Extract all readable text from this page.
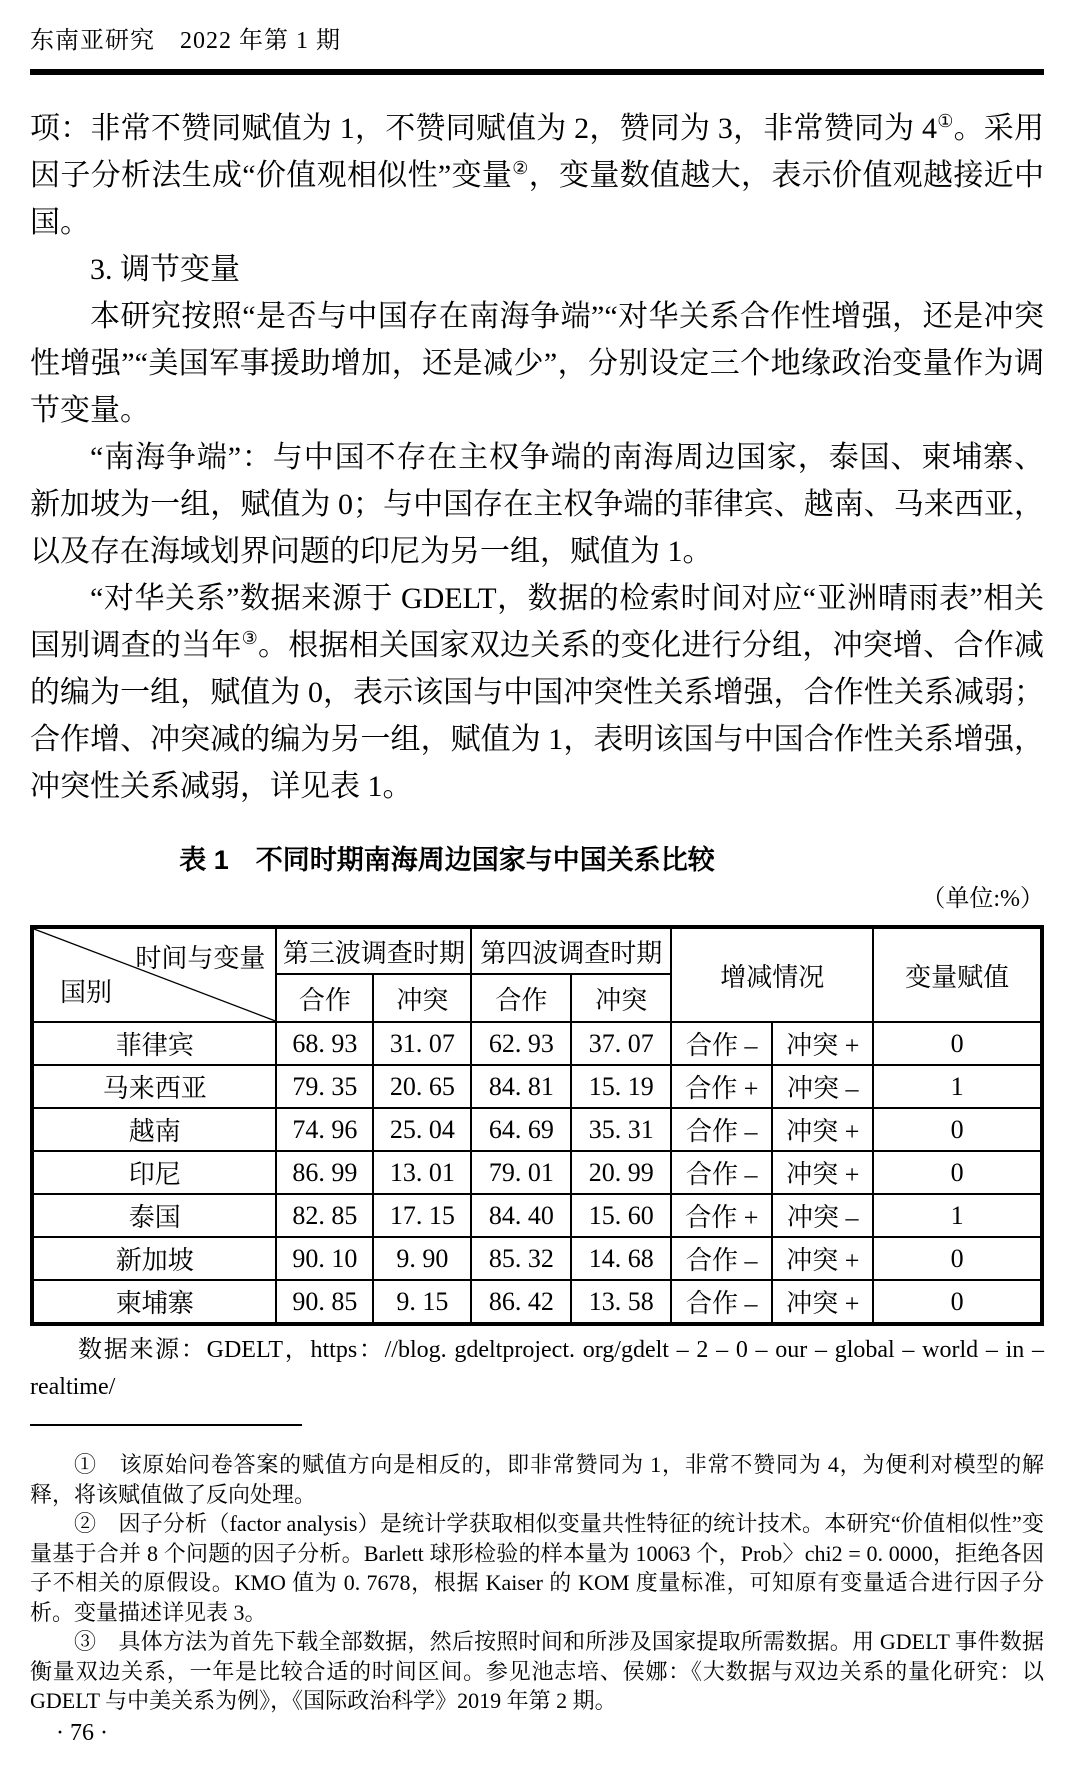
东南亚研究　2022 年第 1 期

项：非常不赞同赋值为 1，不赞同赋值为 2，赞同为 3，非常赞同为 4①。采用因子分析法生成“价值观相似性”变量②，变量数值越大，表示价值观越接近中国。

3. 调节变量

本研究按照“是否与中国存在南海争端”“对华关系合作性增强，还是冲突性增强”“美国军事援助增加，还是减少”，分别设定三个地缘政治变量作为调节变量。

“南海争端”：与中国不存在主权争端的南海周边国家，泰国、柬埔寨、新加坡为一组，赋值为 0；与中国存在主权争端的菲律宾、越南、马来西亚，以及存在海域划界问题的印尼为另一组，赋值为 1。

“对华关系”数据来源于 GDELT，数据的检索时间对应“亚洲晴雨表”相关国别调查的当年③。根据相关国家双边关系的变化进行分组，冲突增、合作减的编为一组，赋值为 0，表示该国与中国冲突性关系增强，合作性关系减弱；合作增、冲突减的编为另一组，赋值为 1，表明该国与中国合作性关系增强，冲突性关系减弱，详见表 1。

表 1　不同时期南海周边国家与中国关系比较
（单位:%）
时间与变量
国别	第三波调查时期		第四波调查时期		增减情况		变量赋值
	合作	冲突	合作	冲突			
菲律宾	68. 93	31. 07	62. 93	37. 07	合作 –	冲突 +	0
马来西亚	79. 35	20. 65	84. 81	15. 19	合作 +	冲突 –	1
越南	74. 96	25. 04	64. 69	35. 31	合作 –	冲突 +	0
印尼	86. 99	13. 01	79. 01	20. 99	合作 –	冲突 +	0
泰国	82. 85	17. 15	84. 40	15. 60	合作 +	冲突 –	1
新加坡	90. 10	9. 90	85. 32	14. 68	合作 –	冲突 +	0
柬埔寨	90. 85	9. 15	86. 42	13. 58	合作 –	冲突 +	0

数据来源：GDELT，https：//blog. gdeltproject. org/gdelt – 2 – 0 – our – global – world – in – realtime/

①　该原始问卷答案的赋值方向是相反的，即非常赞同为 1，非常不赞同为 4，为便利对模型的解释，将该赋值做了反向处理。

②　因子分析（factor analysis）是统计学获取相似变量共性特征的统计技术。本研究“价值相似性”变量基于合并 8 个问题的因子分析。Barlett 球形检验的样本量为 10063 个，Prob〉chi2 = 0. 0000，拒绝各因子不相关的原假设。KMO 值为 0. 7678，根据 Kaiser 的 KOM 度量标准，可知原有变量适合进行因子分析。变量描述详见表 3。

③　具体方法为首先下载全部数据，然后按照时间和所涉及国家提取所需数据。用 GDELT 事件数据衡量双边关系，一年是比较合适的时间区间。参见池志培、侯娜：《大数据与双边关系的量化研究：以 GDELT 与中美关系为例》，《国际政治科学》2019 年第 2 期。

· 76 ·
